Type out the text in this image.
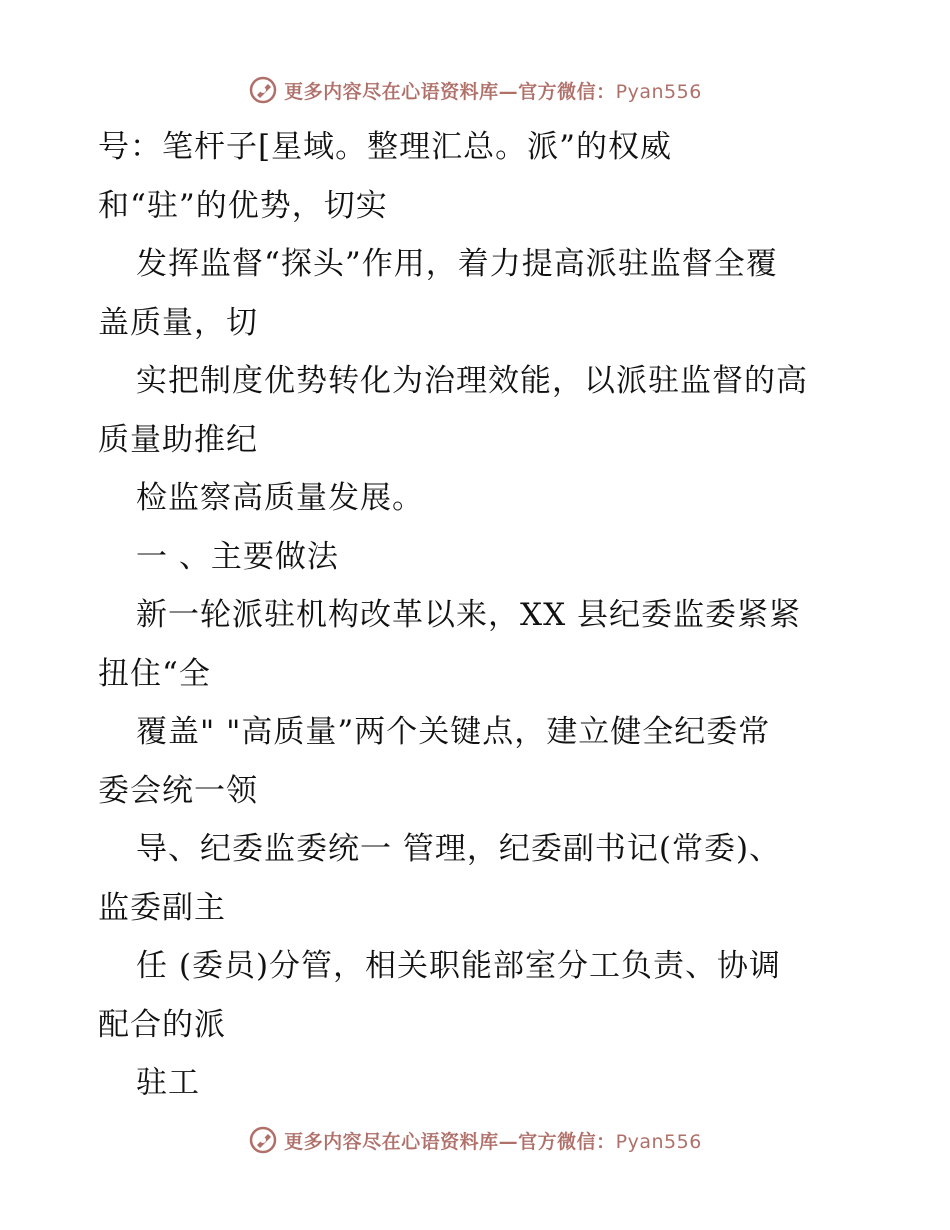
更多内容尽在心语资料库—官方微信：Pyan556
号：笔杆子[星域。整理汇总。派”的权威
和“驻”的优势，切实
发挥监督“探头”作用，着力提高派驻监督全覆
盖质量，切
实把制度优势转化为治理效能，以派驻监督的高
质量助推纪
检监察高质量发展。
一 、主要做法
新一轮派驻机构改革以来，XX 县纪委监委紧紧
扭住“全
覆盖" "高质量”两个关键点，建立健全纪委常
委会统一领
导、纪委监委统一 管理，纪委副书记(常委)、
监委副主
任 (委员)分管，相关职能部室分工负责、协调
配合的派
驻工
更多内容尽在心语资料库—官方微信：Pyan556
